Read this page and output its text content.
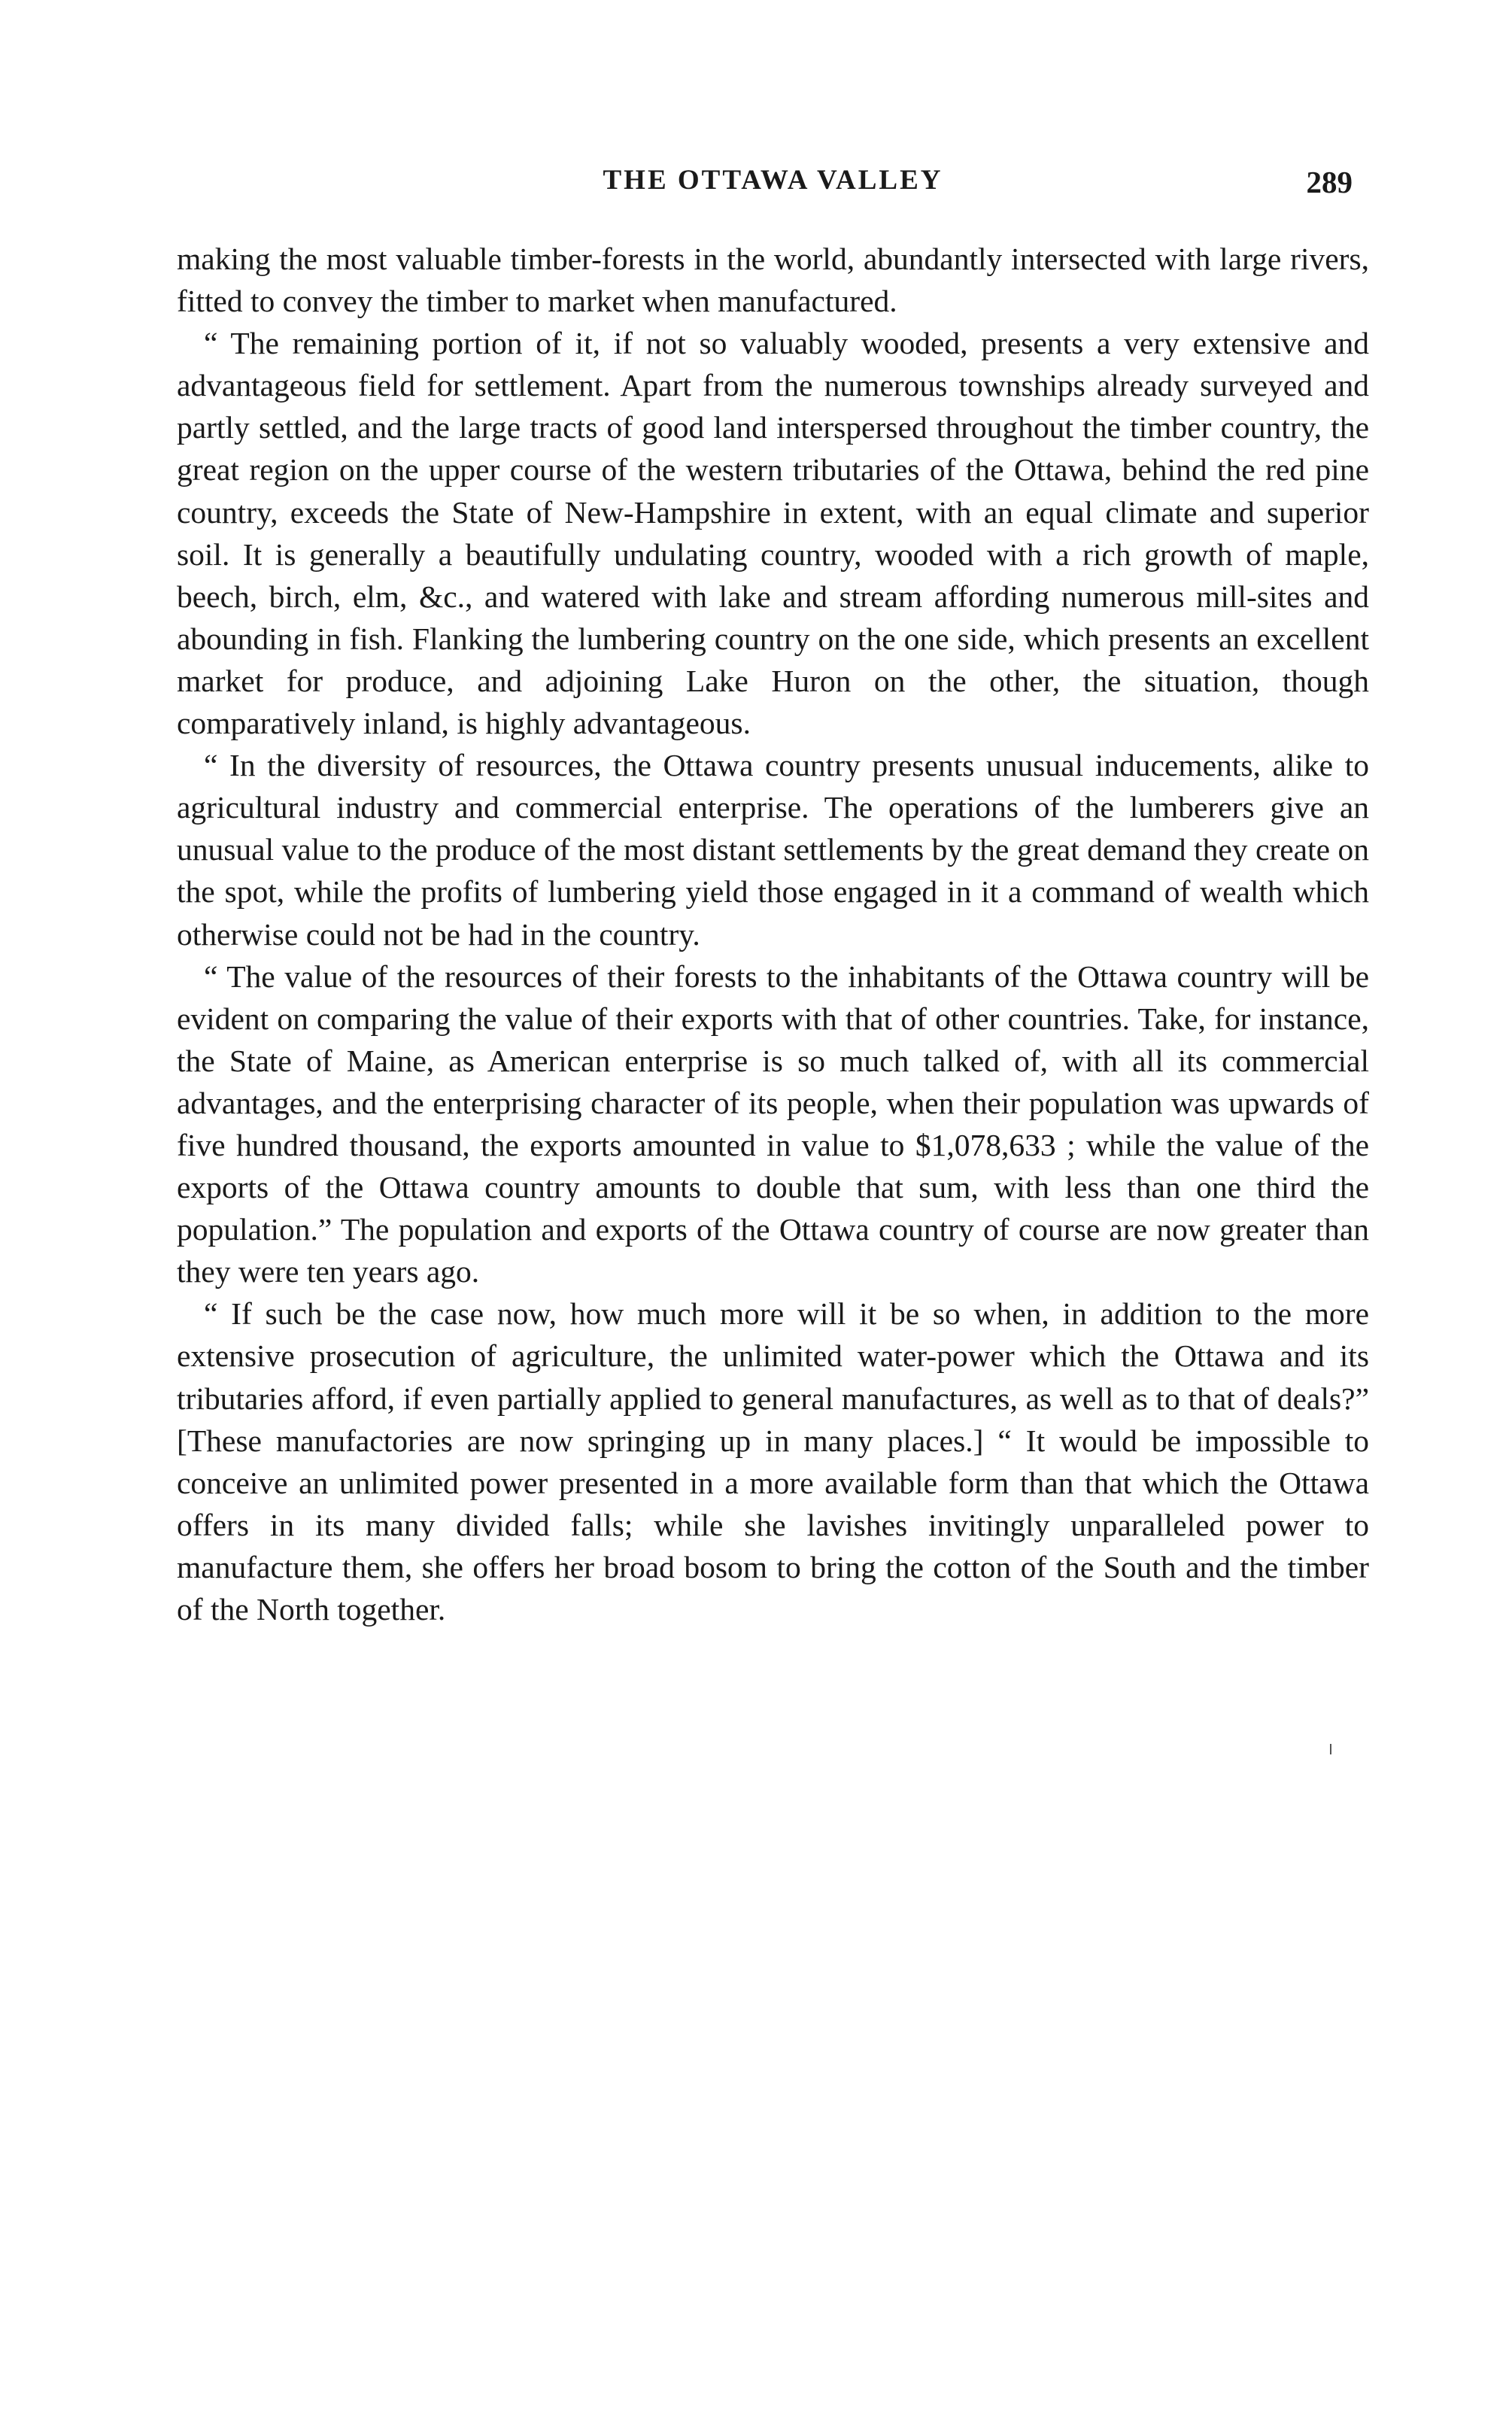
THE OTTAWA VALLEY	289

making the most valuable timber-forests in the world, abundantly intersected with large rivers, fitted to convey the timber to market when manufactured.

“ The remaining portion of it, if not so valuably wooded, presents a very extensive and advantageous field for settlement. Apart from the numerous townships already surveyed and partly settled, and the large tracts of good land interspersed throughout the timber country, the great region on the upper course of the western tributaries of the Ottawa, behind the red pine country, exceeds the State of New-Hampshire in extent, with an equal climate and superior soil. It is generally a beautifully undulating country, wooded with a rich growth of maple, beech, birch, elm, &c., and watered with lake and stream affording numerous mill-sites and abounding in fish. Flanking the lumbering country on the one side, which presents an excellent market for produce, and adjoining Lake Huron on the other, the situation, though comparatively inland, is highly advantageous.

“ In the diversity of resources, the Ottawa country presents unusual inducements, alike to agricultural industry and commercial enterprise. The operations of the lumberers give an unusual value to the produce of the most distant settlements by the great demand they create on the spot, while the profits of lumbering yield those engaged in it a command of wealth which otherwise could not be had in the country.

“ The value of the resources of their forests to the inhabitants of the Ottawa country will be evident on comparing the value of their exports with that of other countries. Take, for instance, the State of Maine, as American enterprise is so much talked of, with all its commercial advantages, and the enterprising character of its people, when their population was upwards of five hundred thousand, the exports amounted in value to $1,078,633 ; while the value of the exports of the Ottawa country amounts to double that sum, with less than one third the population.” The population and exports of the Ottawa country of course are now greater than they were ten years ago.

“ If such be the case now, how much more will it be so when, in addition to the more extensive prosecution of agriculture, the unlimited water-power which the Ottawa and its tributaries afford, if even partially applied to general manufactures, as well as to that of deals?” [These manufactories are now springing up in many places.] “ It would be impossible to conceive an unlimited power presented in a more available form than that which the Ottawa offers in its many divided falls; while she lavishes invitingly unparalleled power to manufacture them, she offers her broad bosom to bring the cotton of the South and the timber of the North together.
